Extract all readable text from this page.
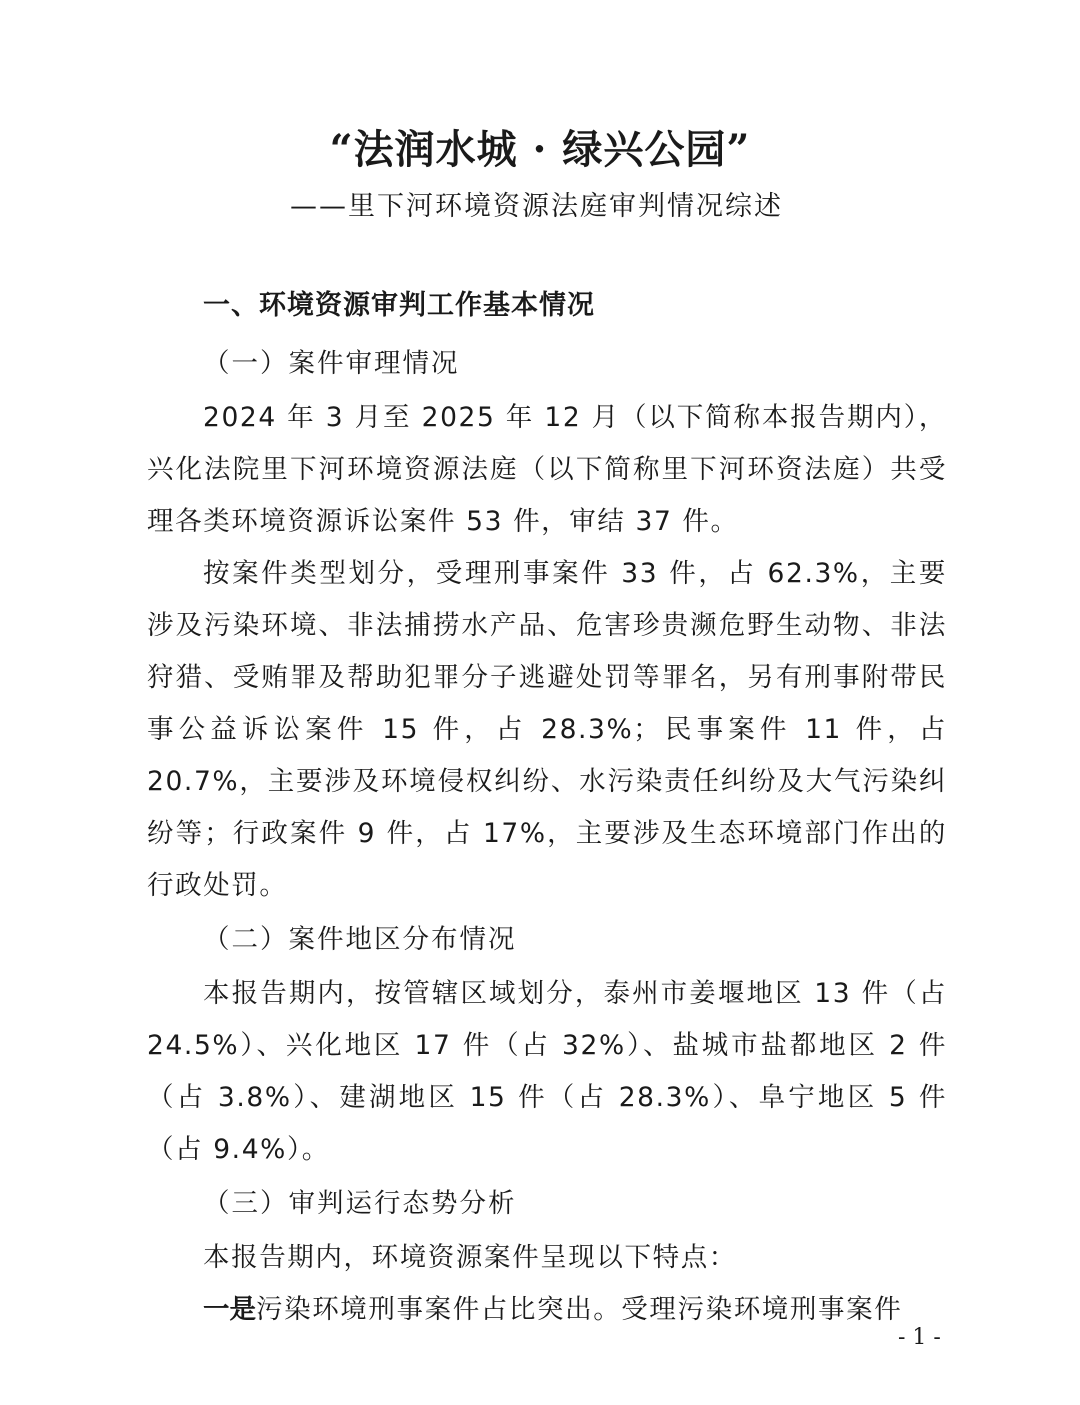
“法润水城 · 绿兴公园”
——里下河环境资源法庭审判情况综述

一、环境资源审判工作基本情况

（一）案件审理情况

2024 年 3 月至 2025 年 12 月（以下简称本报告期内），兴化法院里下河环境资源法庭（以下简称里下河环资法庭）共受理各类环境资源诉讼案件 53 件，审结 37 件。

按案件类型划分，受理刑事案件 33 件，占 62.3%，主要涉及污染环境、非法捕捞水产品、危害珍贵濒危野生动物、非法狩猎、受贿罪及帮助犯罪分子逃避处罚等罪名，另有刑事附带民事公益诉讼案件 15 件，占 28.3%；民事案件 11 件，占 20.7%，主要涉及环境侵权纠纷、水污染责任纠纷及大气污染纠纷等；行政案件 9 件，占 17%，主要涉及生态环境部门作出的行政处罚。

（二）案件地区分布情况

本报告期内，按管辖区域划分，泰州市姜堰地区 13 件（占 24.5%）、兴化地区 17 件（占 32%）、盐城市盐都地区 2 件（占 3.8%）、建湖地区 15 件（占 28.3%）、阜宁地区 5 件（占 9.4%）。

（三）审判运行态势分析

本报告期内，环境资源案件呈现以下特点：

一是污染环境刑事案件占比突出。受理污染环境刑事案件

- 1 -
